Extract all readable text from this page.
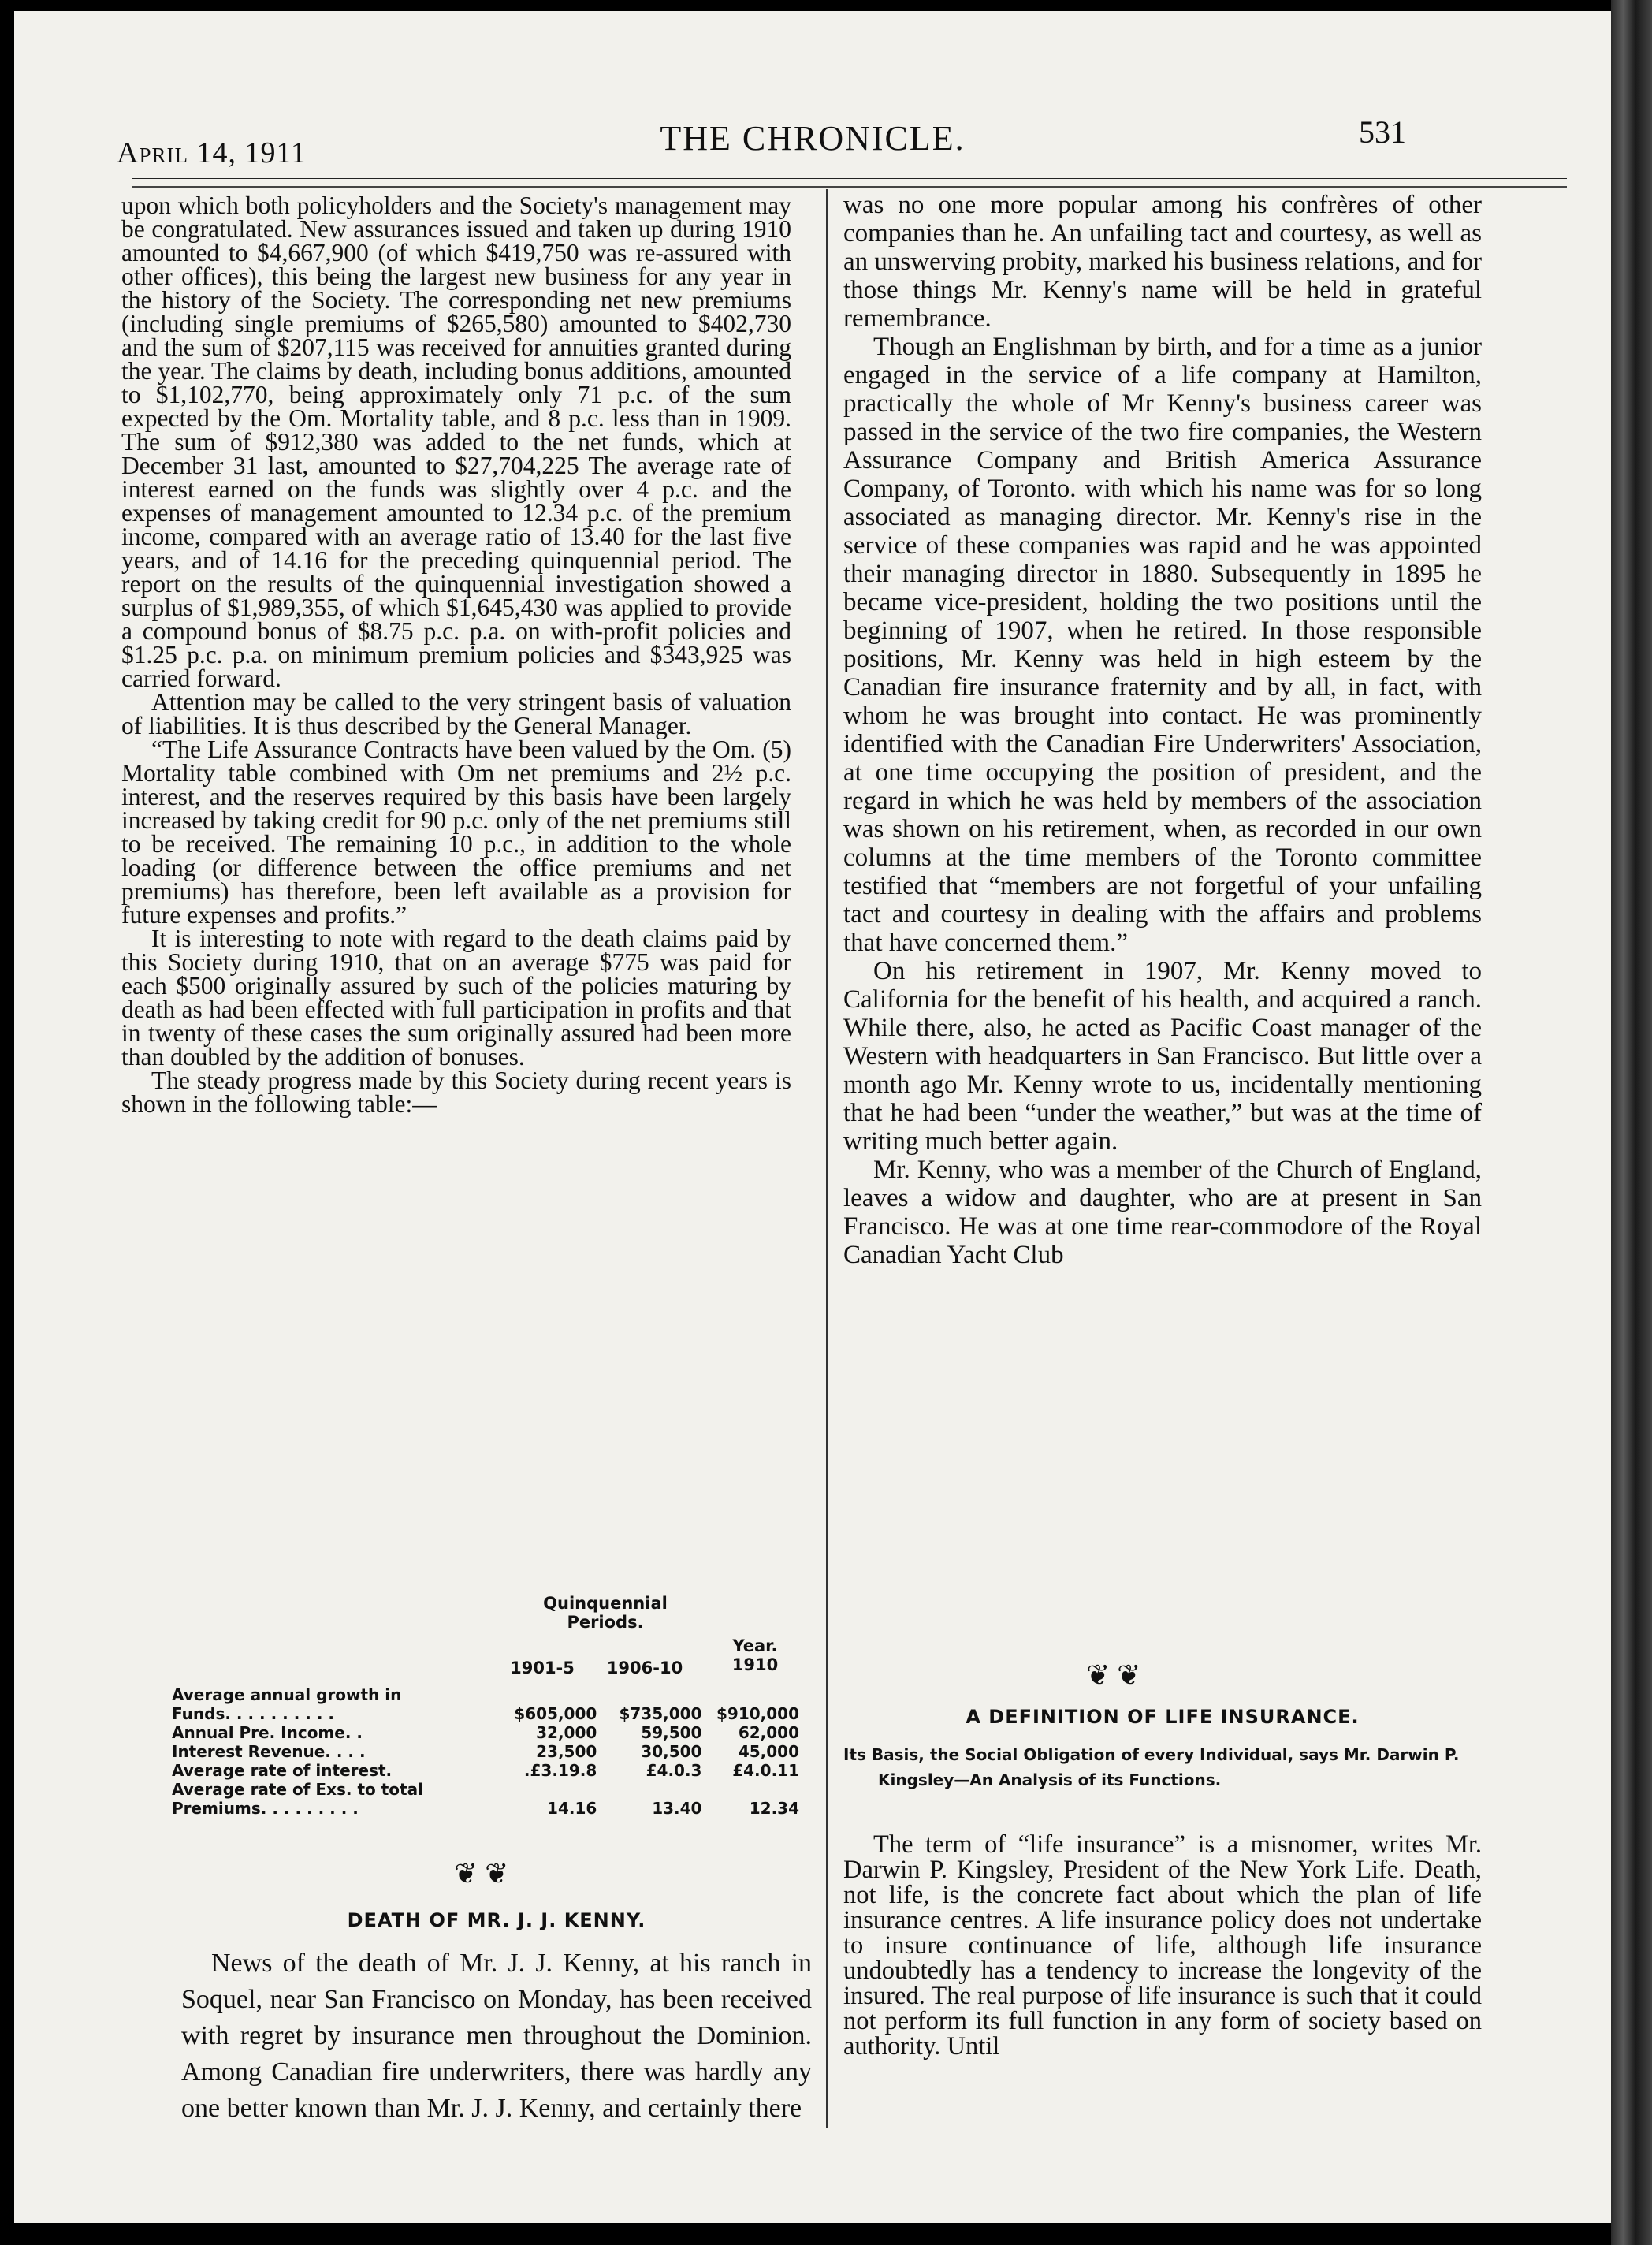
April 14, 1911	THE CHRONICLE.	531

upon which both policyholders and the Society's management may be congratulated. New assurances issued and taken up during 1910 amounted to $4,667,900 (of which $419,750 was re-assured with other offices), this being the largest new business for any year in the history of the Society. The corresponding net new premiums (including single premiums of $265,580) amounted to $402,730 and the sum of $207,115 was received for annuities granted during the year. The claims by death, including bonus additions, amounted to $1,102,770, being approximately only 71 p.c. of the sum expected by the Om. Mortality table, and 8 p.c. less than in 1909. The sum of $912,380 was added to the net funds, which at December 31 last, amounted to $27,704,225 The average rate of interest earned on the funds was slightly over 4 p.c. and the expenses of management amounted to 12.34 p.c. of the premium income, compared with an average ratio of 13.40 for the last five years, and of 14.16 for the preceding quinquennial period. The report on the results of the quinquennial investigation showed a surplus of $1,989,355, of which $1,645,430 was applied to provide a compound bonus of $8.75 p.c. p.a. on with-profit policies and $1.25 p.c. p.a. on minimum premium policies and $343,925 was carried forward.

Attention may be called to the very stringent basis of valuation of liabilities. It is thus described by the General Manager.

“The Life Assurance Contracts have been valued by the Om. (5) Mortality table combined with Om net premiums and 2½ p.c. interest, and the reserves required by this basis have been largely increased by taking credit for 90 p.c. only of the net premiums still to be received. The remaining 10 p.c., in addition to the whole loading (or difference between the office premiums and net premiums) has therefore, been left available as a provision for future expenses and profits.”

It is interesting to note with regard to the death claims paid by this Society during 1910, that on an average $775 was paid for each $500 originally assured by such of the policies maturing by death as had been effected with full participation in profits and that in twenty of these cases the sum originally assured had been more than doubled by the addition of bonuses.

The steady progress made by this Society during recent years is shown in the following table:—

Quinquennial Periods.
1901-5	1906-10
Year. 1910
Average annual growth in			
Funds. . . . . . . . . .	$605,000	$735,000	$910,000
Annual Pre. Income. .	32,000	59,500	62,000
Interest Revenue. . . .	23,500	30,500	45,000
Average rate of interest.	.£3.19.8	£4.0.3	£4.0.11
Average rate of Exs. to total			
Premiums. . . . . . . . .	14.16	13.40	12.34
❦ ❦
DEATH OF MR. J. J. KENNY.

News of the death of Mr. J. J. Kenny, at his ranch in Soquel, near San Francisco on Monday, has been received with regret by insurance men throughout the Dominion. Among Canadian fire underwriters, there was hardly any one better known than Mr. J. J. Kenny, and certainly there

was no one more popular among his confrères of other companies than he. An unfailing tact and courtesy, as well as an unswerving probity, marked his business relations, and for those things Mr. Kenny's name will be held in grateful remembrance.

Though an Englishman by birth, and for a time as a junior engaged in the service of a life company at Hamilton, practically the whole of Mr Kenny's business career was passed in the service of the two fire companies, the Western Assurance Company and British America Assurance Company, of Toronto. with which his name was for so long associated as managing director. Mr. Kenny's rise in the service of these companies was rapid and he was appointed their managing director in 1880. Subsequently in 1895 he became vice-president, holding the two positions until the beginning of 1907, when he retired. In those responsible positions, Mr. Kenny was held in high esteem by the Canadian fire insurance fraternity and by all, in fact, with whom he was brought into contact. He was prominently identified with the Canadian Fire Underwriters' Association, at one time occupying the position of president, and the regard in which he was held by members of the association was shown on his retirement, when, as recorded in our own columns at the time members of the Toronto committee testified that “members are not forgetful of your unfailing tact and courtesy in dealing with the affairs and problems that have concerned them.”

On his retirement in 1907, Mr. Kenny moved to California for the benefit of his health, and acquired a ranch. While there, also, he acted as Pacific Coast manager of the Western with headquarters in San Francisco. But little over a month ago Mr. Kenny wrote to us, incidentally mentioning that he had been “under the weather,” but was at the time of writing much better again.

Mr. Kenny, who was a member of the Church of England, leaves a widow and daughter, who are at present in San Francisco. He was at one time rear-commodore of the Royal Canadian Yacht Club

❦ ❦
A DEFINITION OF LIFE INSURANCE.
Its Basis, the Social Obligation of every Individual, says Mr. Darwin P. Kingsley—An Analysis of its Functions.

The term of “life insurance” is a misnomer, writes Mr. Darwin P. Kingsley, President of the New York Life. Death, not life, is the concrete fact about which the plan of life insurance centres. A life insurance policy does not undertake to insure continuance of life, although life insurance undoubtedly has a tendency to increase the longevity of the insured. The real purpose of life insurance is such that it could not perform its full function in any form of society based on authority. Until
